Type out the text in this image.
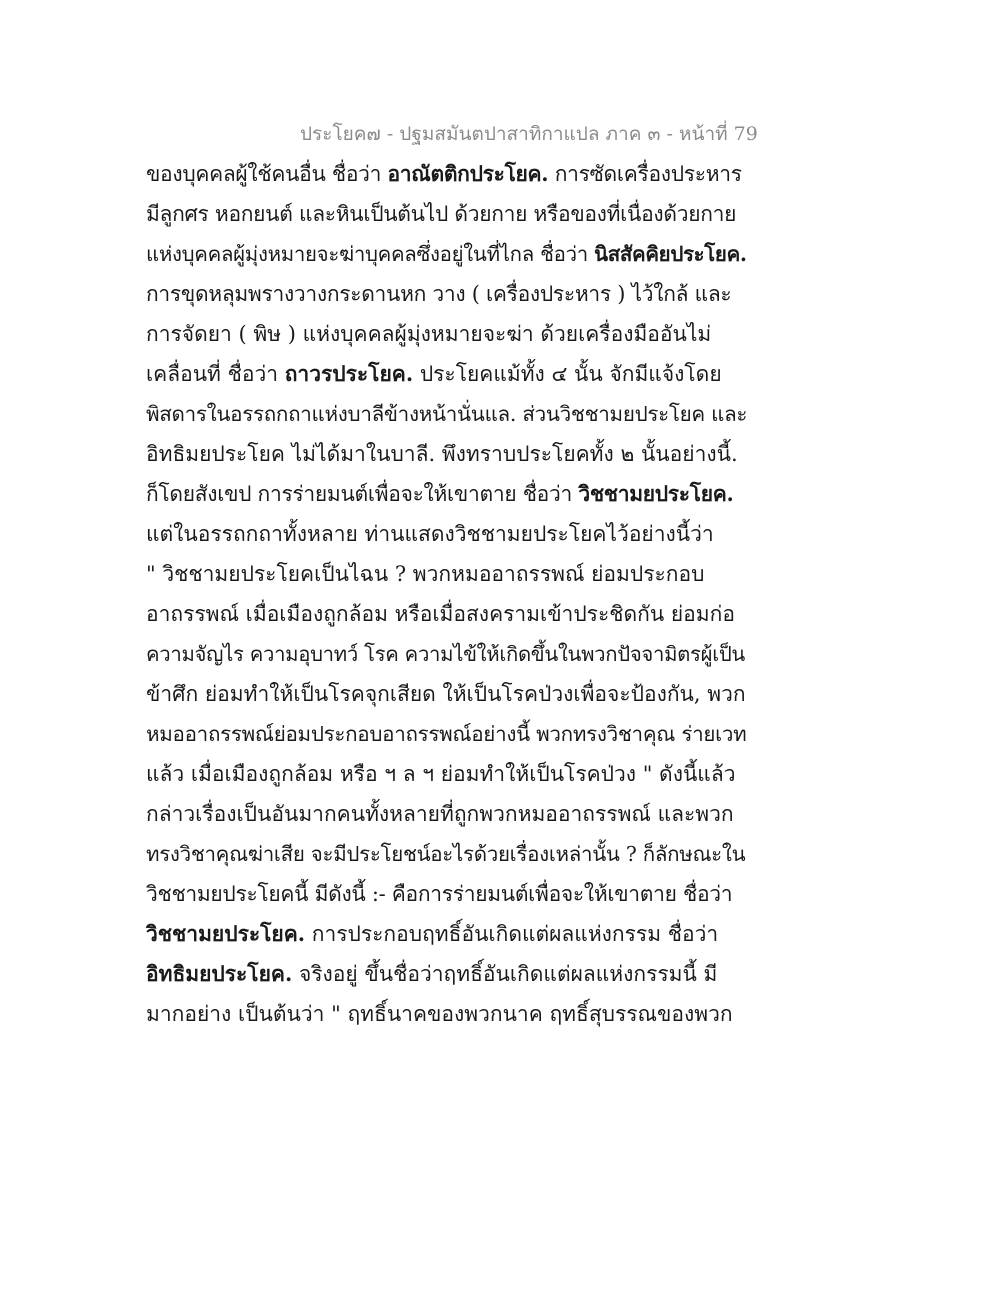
ประโยค๗ - ปฐมสมันตปาสาทิกาแปล ภาค ๓ - หน้าที่ 79
ของบุคคลผู้ใช้คนอื่น ชื่อว่า อาณัตติกประโยค. การซัดเครื่องประหาร
มีลูกศร หอกยนต์ และหินเป็นต้นไป ด้วยกาย หรือของที่เนื่องด้วยกาย
แห่งบุคคลผู้มุ่งหมายจะฆ่าบุคคลซึ่งอยู่ในที่ไกล ชื่อว่า นิสสัคคิยประโยค.
การขุดหลุมพรางวางกระดานหก วาง ( เครื่องประหาร ) ไว้ใกล้ และ
การจัดยา ( พิษ ) แห่งบุคคลผู้มุ่งหมายจะฆ่า ด้วยเครื่องมืออันไม่
เคลื่อนที่ ชื่อว่า ถาวรประโยค. ประโยคแม้ทั้ง ๔ นั้น จักมีแจ้งโดย
พิสดารในอรรถกถาแห่งบาลีข้างหน้านั่นแล. ส่วนวิชชามยประโยค และ
อิทธิมยประโยค ไม่ได้มาในบาลี. พึงทราบประโยคทั้ง ๒ นั้นอย่างนี้.
ก็โดยสังเขป การร่ายมนต์เพื่อจะให้เขาตาย ชื่อว่า วิชชามยประโยค.
แต่ในอรรถกถาทั้งหลาย ท่านแสดงวิชชามยประโยคไว้อย่างนี้ว่า
" วิชชามยประโยคเป็นไฉน ? พวกหมออาถรรพณ์ ย่อมประกอบ
อาถรรพณ์ เมื่อเมืองถูกล้อม หรือเมื่อสงครามเข้าประชิดกัน ย่อมก่อ
ความจัญไร ความอุบาทว์ โรค ความไข้ให้เกิดขึ้นในพวกปัจจามิตรผู้เป็น
ข้าศึก ย่อมทำให้เป็นโรคจุกเสียด ให้เป็นโรคป่วงเพื่อจะป้องกัน, พวก
หมออาถรรพณ์ย่อมประกอบอาถรรพณ์อย่างนี้ พวกทรงวิชาคุณ ร่ายเวท
แล้ว เมื่อเมืองถูกล้อม หรือ ฯ ล ฯ ย่อมทำให้เป็นโรคป่วง " ดังนี้แล้ว
กล่าวเรื่องเป็นอันมากคนทั้งหลายที่ถูกพวกหมออาถรรพณ์ และพวก
ทรงวิชาคุณฆ่าเสีย จะมีประโยชน์อะไรด้วยเรื่องเหล่านั้น ? ก็ลักษณะใน
วิชชามยประโยคนี้ มีดังนี้ :- คือการร่ายมนต์เพื่อจะให้เขาตาย ชื่อว่า
วิชชามยประโยค. การประกอบฤทธิ์อันเกิดแต่ผลแห่งกรรม ชื่อว่า
อิทธิมยประโยค. จริงอยู่ ขึ้นชื่อว่าฤทธิ์อันเกิดแต่ผลแห่งกรรมนี้ มี
มากอย่าง เป็นต้นว่า " ฤทธิ์นาคของพวกนาค ฤทธิ์สุบรรณของพวก
